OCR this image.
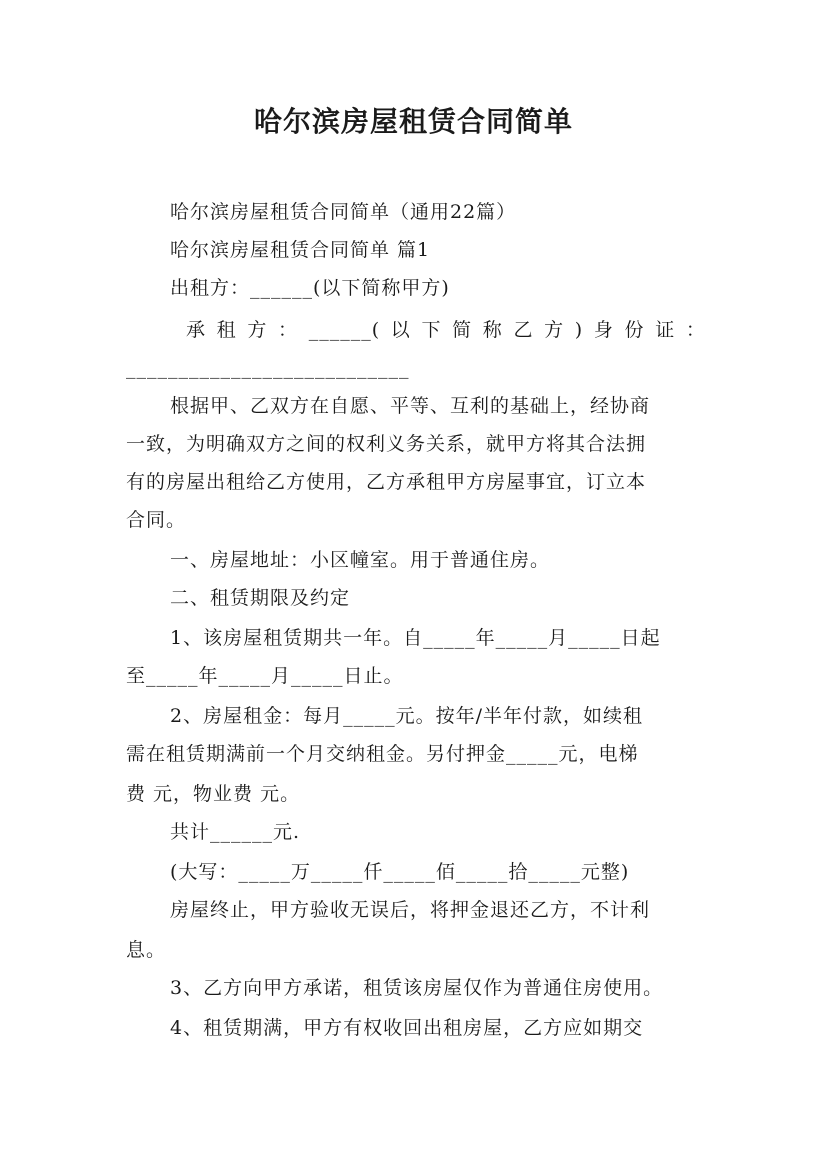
哈尔滨房屋租赁合同简单
哈尔滨房屋租赁合同简单（通用22篇）
哈尔滨房屋租赁合同简单 篇1
出租方：______(以下简称甲方)
承 租 方 ： ______( 以 下 简 称 乙 方 ) 身 份 证 ：
___________________________
根据甲、乙双方在自愿、平等、互利的基础上，经协商
一致，为明确双方之间的权利义务关系，就甲方将其合法拥
有的房屋出租给乙方使用，乙方承租甲方房屋事宜，订立本
合同。
一、房屋地址：小区幢室。用于普通住房。
二、租赁期限及约定
1、该房屋租赁期共一年。自_____年_____月_____日起
至_____年_____月_____日止。
2、房屋租金：每月_____元。按年/半年付款，如续租
需在租赁期满前一个月交纳租金。另付押金_____元，电梯
费 元，物业费 元。
共计______元.
(大写：_____万_____仟_____佰_____拾_____元整)
房屋终止，甲方验收无误后，将押金退还乙方，不计利
息。
3、乙方向甲方承诺，租赁该房屋仅作为普通住房使用。
4、租赁期满，甲方有权收回出租房屋，乙方应如期交
